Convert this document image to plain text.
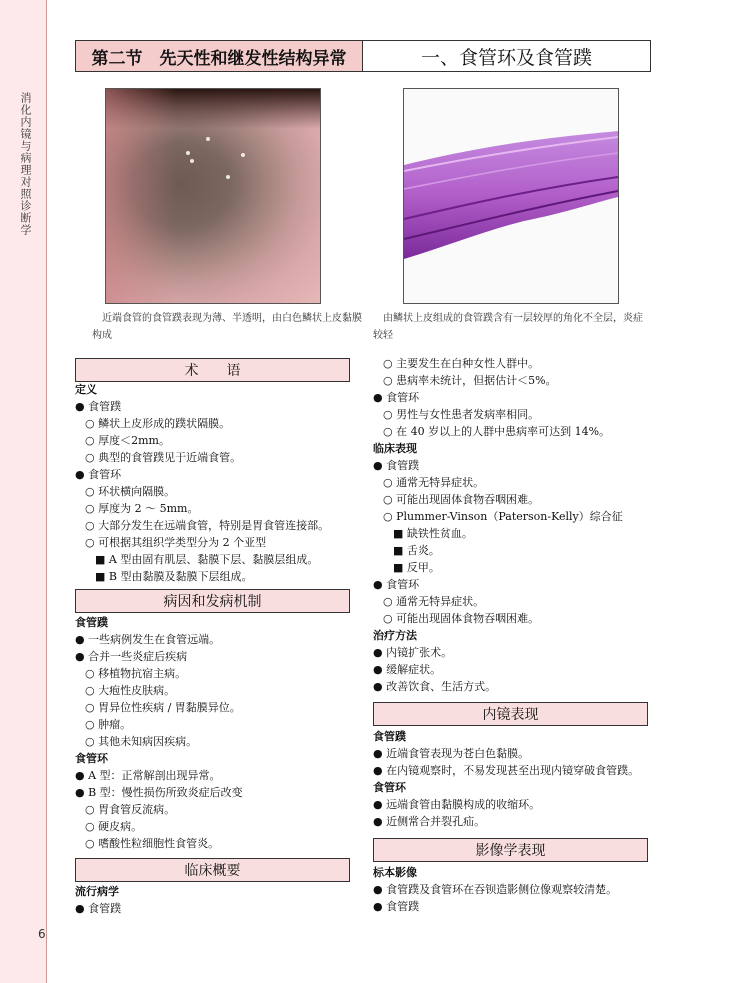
消化内镜与病理对照诊断学
6
第二节　先天性和继发性结构异常	一、食管环及食管蹼
近端食管的食管蹼表现为薄、半透明，由白色鳞状上皮黏膜
构成
由鳞状上皮组成的食管蹼含有一层较厚的角化不全层，炎症
较轻
术　　语
定义
● 食管蹼
○ 鳞状上皮形成的蹼状隔膜。
○ 厚度＜2mm。
○ 典型的食管蹼见于近端食管。
● 食管环
○ 环状横向隔膜。
○ 厚度为 2 ～ 5mm。
○ 大部分发生在远端食管，特别是胃食管连接部。
○ 可根据其组织学类型分为 2 个亚型
■ A 型由固有肌层、黏膜下层、黏膜层组成。
■ B 型由黏膜及黏膜下层组成。
病因和发病机制
食管蹼
● 一些病例发生在食管远端。
● 合并一些炎症后疾病
○ 移植物抗宿主病。
○ 大疱性皮肤病。
○ 胃异位性疾病 / 胃黏膜异位。
○ 肿瘤。
○ 其他未知病因疾病。
食管环
● A 型：正常解剖出现异常。
● B 型：慢性损伤所致炎症后改变
○ 胃食管反流病。
○ 硬皮病。
○ 嗜酸性粒细胞性食管炎。
临床概要
流行病学
● 食管蹼
○ 主要发生在白种女性人群中。
○ 患病率未统计，但据估计＜5%。
● 食管环
○ 男性与女性患者发病率相同。
○ 在 40 岁以上的人群中患病率可达到 14%。
临床表现
● 食管蹼
○ 通常无特异症状。
○ 可能出现固体食物吞咽困难。
○ Plummer-Vinson（Paterson-Kelly）综合征
■ 缺铁性贫血。
■ 舌炎。
■ 反甲。
● 食管环
○ 通常无特异症状。
○ 可能出现固体食物吞咽困难。
治疗方法
● 内镜扩张术。
● 缓解症状。
● 改善饮食、生活方式。
内镜表现
食管蹼
● 近端食管表现为苍白色黏膜。
● 在内镜观察时，不易发现甚至出现内镜穿破食管蹼。
食管环
● 远端食管由黏膜构成的收缩环。
● 近侧常合并裂孔疝。
影像学表现
标本影像
● 食管蹼及食管环在吞钡造影侧位像观察较清楚。
● 食管蹼
